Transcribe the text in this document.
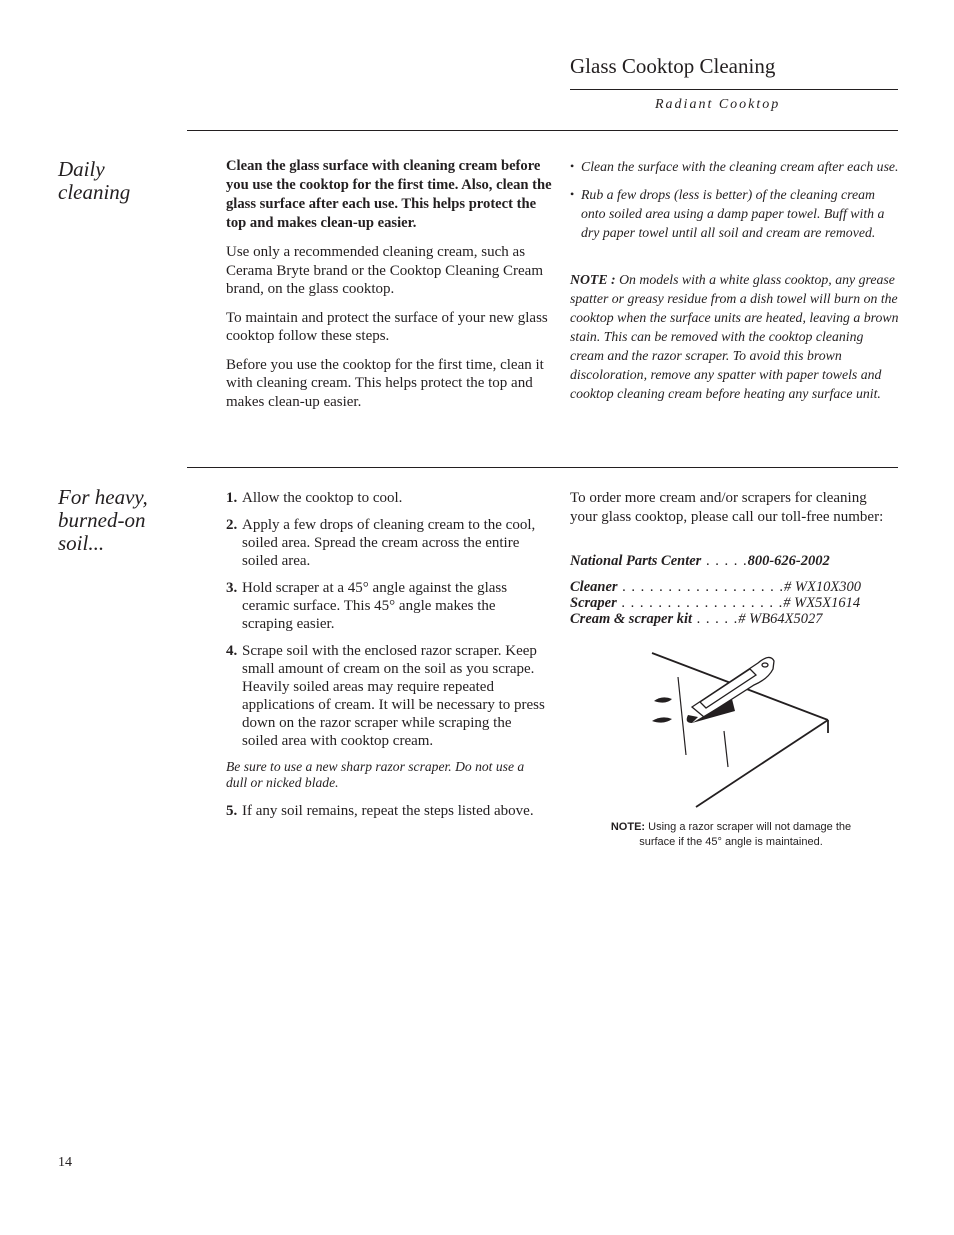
Glass Cooktop Cleaning
Radiant Cooktop
Daily
cleaning

Clean the glass surface with cleaning cream before you use the cooktop for the first time. Also, clean the glass surface after each use. This helps protect the top and makes clean-up easier.

Use only a recommended cleaning cream, such as Cerama Bryte brand or the Cooktop Cleaning Cream brand, on the glass cooktop.

To maintain and protect the surface of your new glass cooktop follow these steps.

Before you use the cooktop for the first time, clean it with cleaning cream. This helps protect the top and makes clean-up easier.

• Clean the surface with the cleaning cream after each use.
• Rub a few drops (less is better) of the cleaning cream onto soiled area using a damp paper towel. Buff with a dry paper towel until all soil and cream are removed.
NOTE : On models with a white glass cooktop, any grease spatter or greasy residue from a dish towel will burn on the cooktop when the surface units are heated, leaving a brown stain. This can be removed with the cooktop cleaning cream and the razor scraper. To avoid this brown discoloration, remove any spatter with paper towels and cooktop cleaning cream before heating any surface unit.
For heavy,
burned-on
soil...
1. Allow the cooktop to cool.
2. Apply a few drops of cleaning cream to the cool, soiled area. Spread the cream across the entire soiled area.
3. Hold scraper at a 45° angle against the glass ceramic surface. This 45° angle makes the scraping easier.
4. Scrape soil with the enclosed razor scraper. Keep small amount of cream on the soil as you scrape. Heavily soiled areas may require repeated applications of cream. It will be necessary to press down on the razor scraper while scraping the soiled area with cooktop cream.

Be sure to use a new sharp razor scraper. Do not use a dull or nicked blade.

5. If any soil remains, repeat the steps listed above.
To order more cream and/or scrapers for cleaning your glass cooktop, please call our toll-free number:
National Parts Center . . . . .800-626-2002
Cleaner . . . . . . . . . . . . . . . . . .# WX10X300
Scraper . . . . . . . . . . . . . . . . . .# WX5X1614
Cream & scraper kit . . . . .# WB64X5027
NOTE: Using a razor scraper will not damage the surface if the 45° angle is maintained.
14
